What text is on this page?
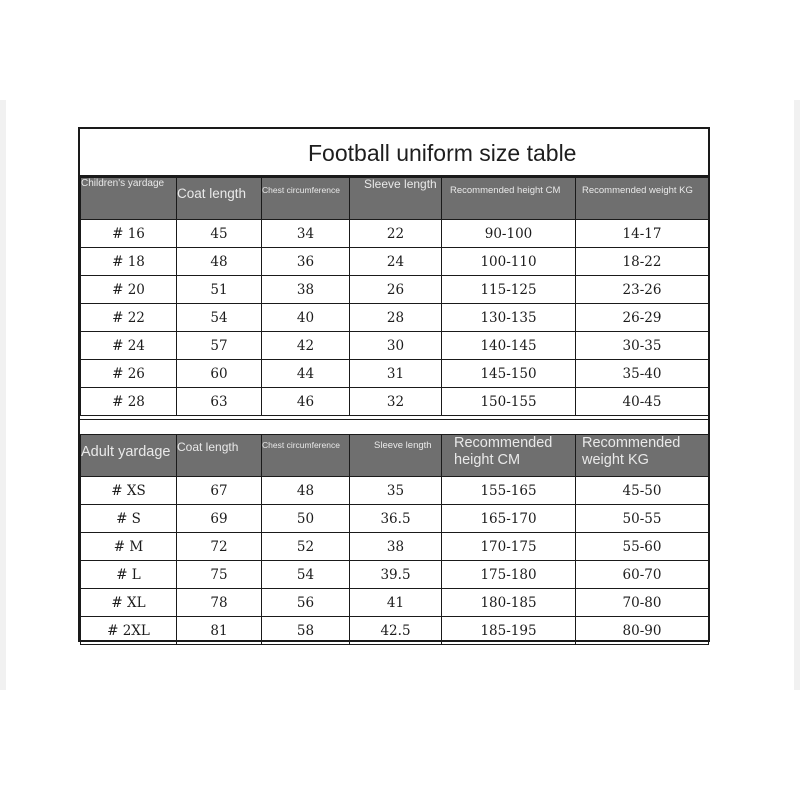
Football uniform size table
Children's yardage	Coat length	Chest circumference	Sleeve length	Recommended height CM	Recommended weight KG
# 16	45	34	22	90-100	14-17
# 18	48	36	24	100-110	18-22
# 20	51	38	26	115-125	23-26
# 22	54	40	28	130-135	26-29
# 24	57	42	30	140-145	30-35
# 26	60	44	31	145-150	35-40
# 28	63	46	32	150-155	40-45
Adult yardage	Coat length	Chest circumference	Sleeve length	Recommended height CM	Recommended weight KG
# XS	67	48	35	155-165	45-50
# S	69	50	36.5	165-170	50-55
# M	72	52	38	170-175	55-60
# L	75	54	39.5	175-180	60-70
# XL	78	56	41	180-185	70-80
# 2XL	81	58	42.5	185-195	80-90
